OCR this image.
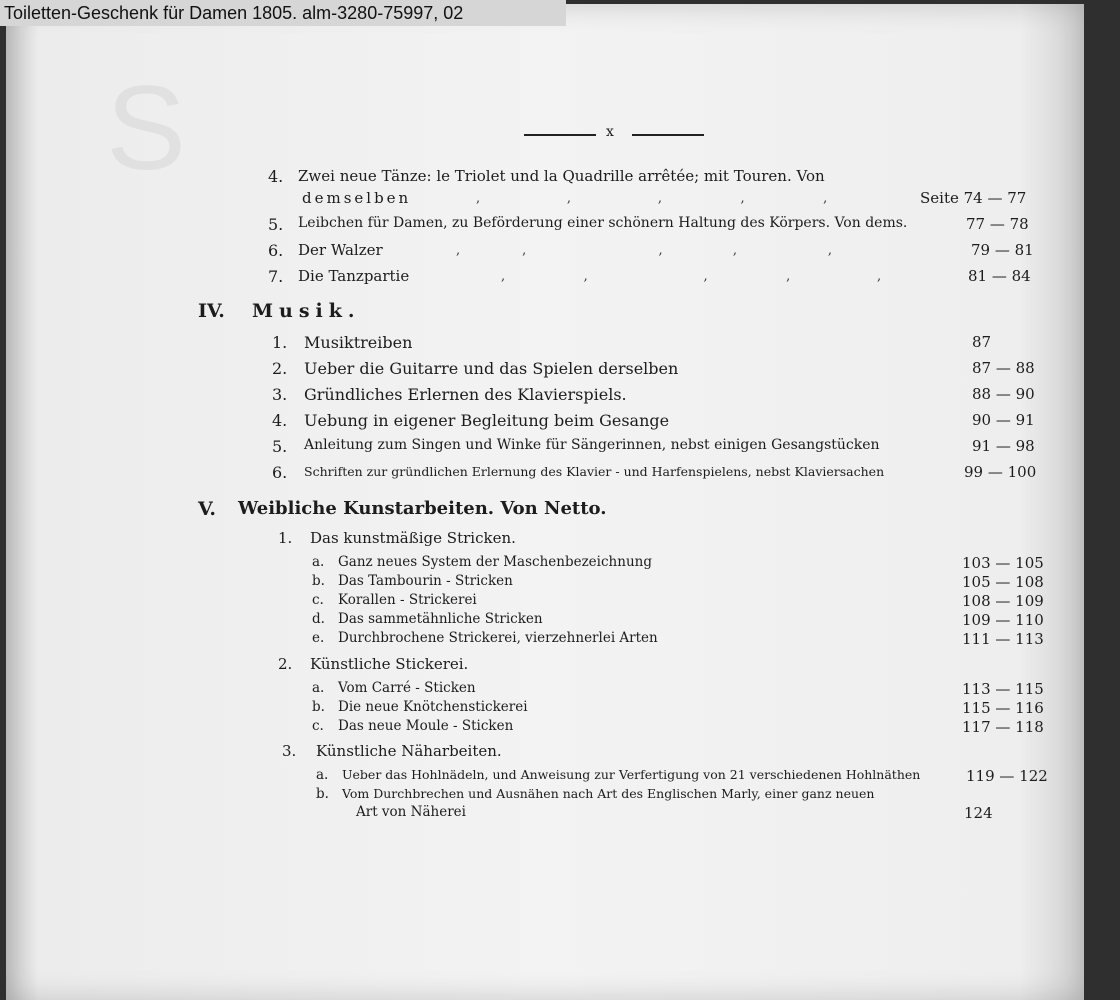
Toiletten-Geschenk für Damen 1805. alm-3280-75997, 02
S	x
4. Zwei neue Tänze: le Triolet und la Quadrille arrêtée; mit Touren. Von
demselben	,                     ,                     ,                   ,                   ,	Seite 74 — 77
5. Leibchen für Damen, zu Beförderung einer schönern Haltung des Körpers. Von dems.	77 — 78
6. Der Walzer	,               ,                                ,                 ,                      ,	79 — 81
7. Die Tanzpartie	,                   ,                            ,                   ,                     ,	81 — 84
IV. Musik.
1. Musiktreiben	87
2. Ueber die Guitarre und das Spielen derselben	87 — 88
3. Gründliches Erlernen des Klavierspiels.	88 — 90
4. Uebung in eigener Begleitung beim Gesange	90 — 91
5. Anleitung zum Singen und Winke für Sängerinnen, nebst einigen Gesangstücken	91 — 98
6. Schriften zur gründlichen Erlernung des Klavier - und Harfenspielens, nebst Klaviersachen	99 — 100
V. Weibliche Kunstarbeiten. Von Netto.
1. Das kunstmäßige Stricken.
a. Ganz neues System der Maschenbezeichnung	103 — 105
b. Das Tambourin - Stricken	105 — 108
c. Korallen - Strickerei	108 — 109
d. Das sammetähnliche Stricken	109 — 110
e. Durchbrochene Strickerei, vierzehnerlei Arten	111 — 113
2. Künstliche Stickerei.
a. Vom Carré - Sticken	113 — 115
b. Die neue Knötchenstickerei	115 — 116
c. Das neue Moule - Sticken	117 — 118
3. Künstliche Näharbeiten.
a. Ueber das Hohlnädeln, und Anweisung zur Verfertigung von 21 verschiedenen Hohlnäthen	119 — 122
b. Vom Durchbrechen und Ausnähen nach Art des Englischen Marly, einer ganz neuen
Art von Näherei	124
